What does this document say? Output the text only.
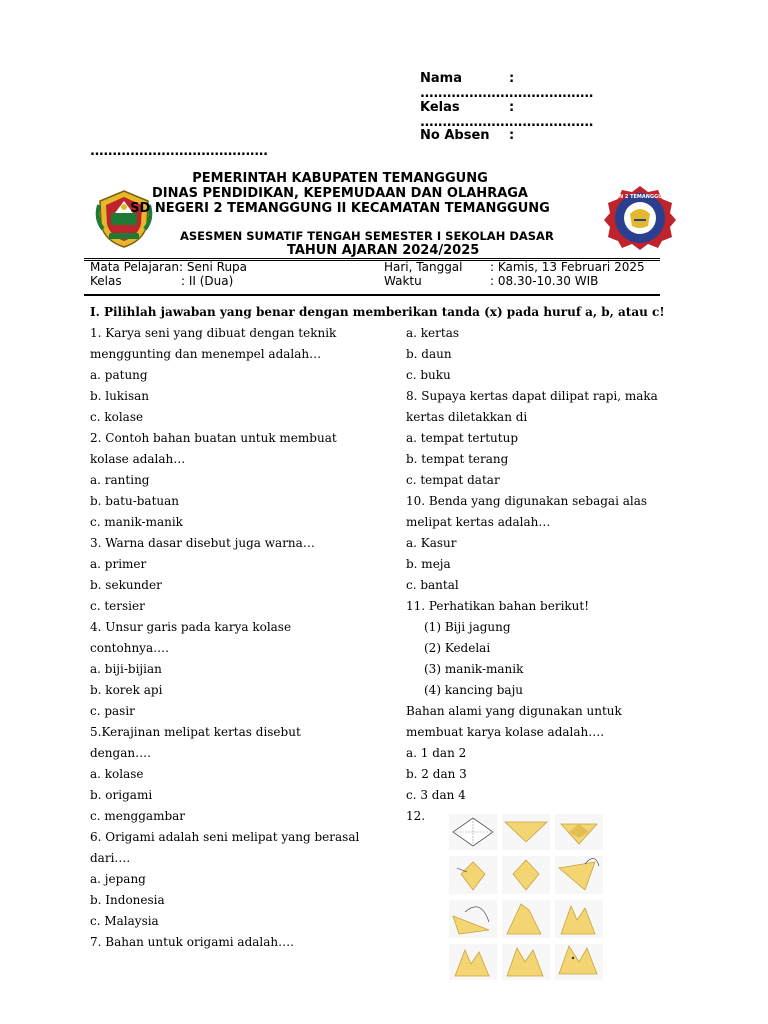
Nama	:
.......................................
Kelas	:
.......................................
No Absen :
........................................
SD N 2 TEMANGGUNG
PEMERINTAH KABUPATEN TEMANGGUNG
DINAS PENDIDIKAN, KEPEMUDAAN DAN OLAHRAGA
SD NEGERI 2 TEMANGGUNG II KECAMATAN TEMANGGUNG
ASESMEN SUMATIF TENGAH SEMESTER I SEKOLAH DASAR
TAHUN AJARAN 2024/2025
Mata Pelajaran: Seni Rupa
Kelas	: II (Dua)
Hari, Tanggal : Kamis, 13 Februari 2025
Waktu	: 08.30-10.30 WIB
I. Pilihlah jawaban yang benar dengan memberikan tanda (x) pada huruf a, b, atau c!
1. Karya seni yang dibuat dengan teknik
menggunting dan menempel adalah…
a. patung
b. lukisan
c. kolase
2. Contoh bahan buatan untuk membuat
kolase adalah…
a. ranting
b. batu-batuan
c. manik-manik
3. Warna dasar disebut juga warna…
a. primer
b. sekunder
c. tersier
4. Unsur garis pada karya kolase
contohnya….
a. biji-bijian
b. korek api
c. pasir
5.Kerajinan melipat kertas disebut
dengan….
a. kolase
b. origami
c. menggambar
6. Origami adalah seni melipat yang berasal
dari….
a. jepang
b. Indonesia
c. Malaysia
7. Bahan untuk origami adalah….
a. kertas
b. daun
c. buku
8. Supaya kertas dapat dilipat rapi, maka
kertas diletakkan di
a. tempat tertutup
b. tempat terang
c. tempat datar
10. Benda yang digunakan sebagai alas
melipat kertas adalah…
a. Kasur
b. meja
c. bantal
11. Perhatikan bahan berikut!
(1) Biji jagung
(2) Kedelai
(3) manik-manik
(4) kancing baju
Bahan alami yang digunakan untuk
membuat karya kolase adalah….
a. 1 dan 2
b. 2 dan 3
c. 3 dan 4
12.
